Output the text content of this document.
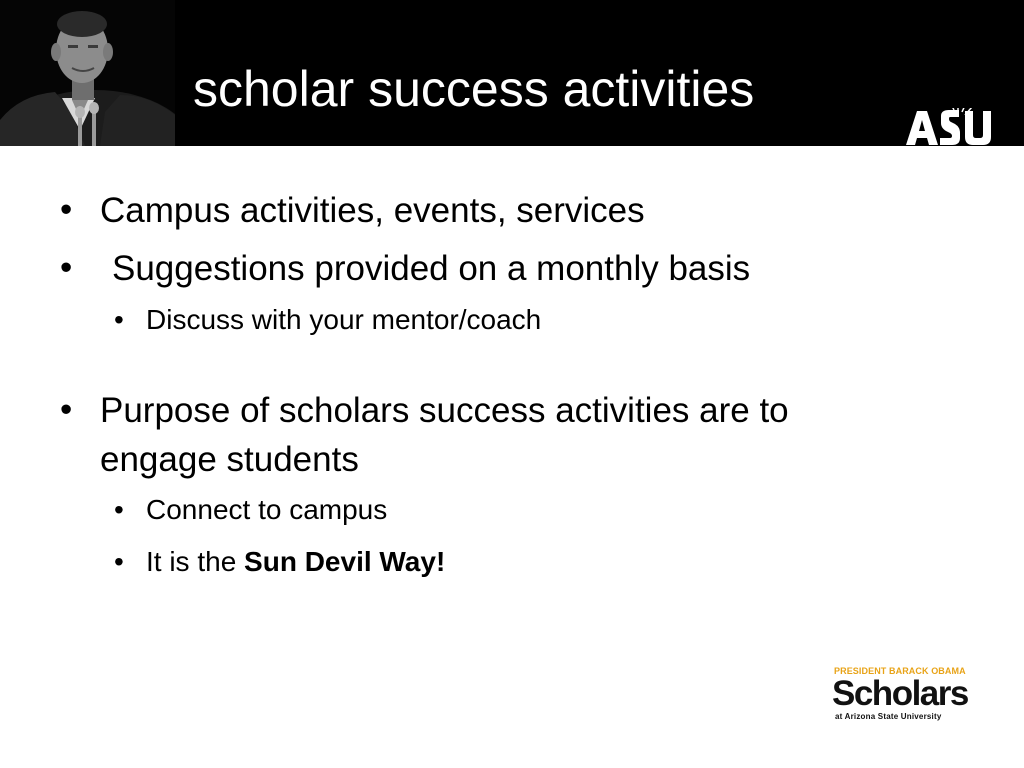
scholar success activities
• Campus activities, events, services
• Suggestions provided on a monthly basis
• Discuss with your mentor/coach
• Purpose of scholars success activities are to
engage students
• Connect to campus
• It is the Sun Devil Way!
PRESIDENT BARACK OBAMA
Scholars
at Arizona State University
